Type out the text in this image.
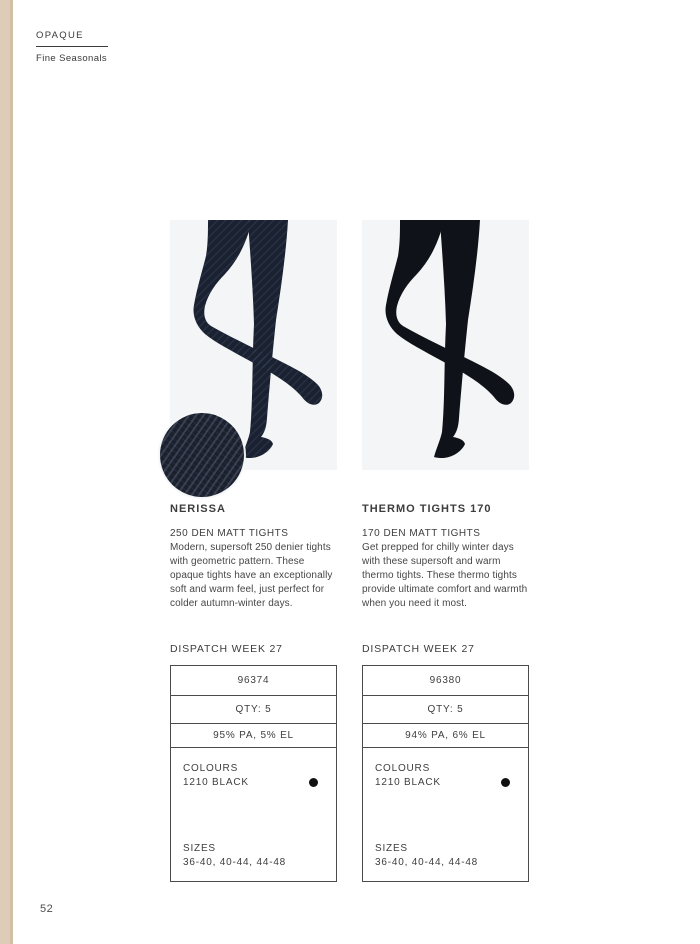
OPAQUE
Fine Seasonals
NERISSA
250 DEN MATT TIGHTS
Modern, supersoft 250 denier tights with geometric pattern. These opaque tights have an exceptionally soft and warm feel, just perfect for colder autumn-winter days.
DISPATCH WEEK 27
96374
QTY: 5
95% PA, 5% EL
COLOURS
1210 BLACK
SIZES
36-40, 40-44, 44-48
THERMO TIGHTS 170
170 DEN MATT TIGHTS
Get prepped for chilly winter days with these supersoft and warm thermo tights. These thermo tights provide ultimate comfort and warmth when you need it most.
DISPATCH WEEK 27
96380
QTY: 5
94% PA, 6% EL
COLOURS
1210 BLACK
SIZES
36-40, 40-44, 44-48
52
